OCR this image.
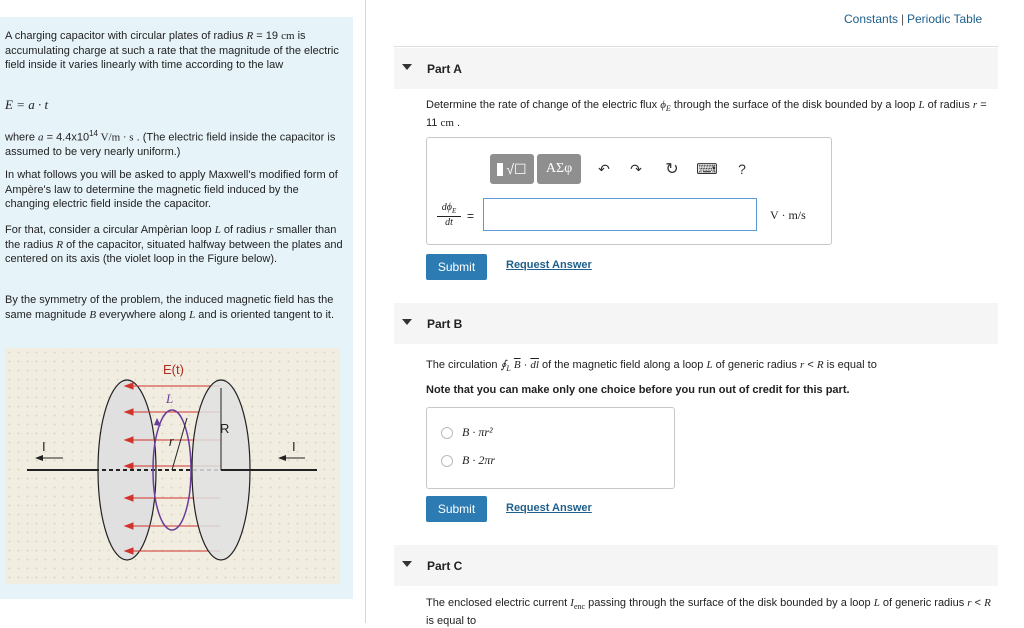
A charging capacitor with circular plates of radius R = 19 cm is accumulating charge at such a rate that the magnitude of the electric field inside it varies linearly with time according to the law
E = a · t
where $a = 4.4x10^{14}$ V/m · s . (The electric field inside the capacitor is assumed to be very nearly uniform.)
In what follows you will be asked to apply Maxwell's modified form of Ampère's law to determine the magnetic field induced by the changing electric field inside the capacitor.
For that, consider a circular Ampèrian loop L of radius r smaller than the radius R of the capacitor, situated halfway between the plates and centered on its axis (the violet loop in the Figure below).
By the symmetry of the problem, the induced magnetic field has the same magnitude B everywhere along L and is oriented tangent to it.
E(t)
L
R
r
I	I
Constants | Periodic Table
Part A
Determine the rate of change of the electric flux $\phi_E$ through the surface of the disk bounded by a loop L of radius r = 11 cm .
√☐	ΑΣφ	↶ ↷ ↻ ⌨ ?
$d\phi_E$
dt	=	V · m/s
Submit	Request Answer
Part B
The circulation $∮_L$ $\overline{B} \cdot \overline{dl}$ of the magnetic field along a loop L of generic radius r < R is equal to
Note that you can make only one choice before you run out of credit for this part.
B · πr²
B · 2πr
Submit	Request Answer
Part C
The enclosed electric current $I_{enc}$ passing through the surface of the disk bounded by a loop L of generic radius r < R is equal to
